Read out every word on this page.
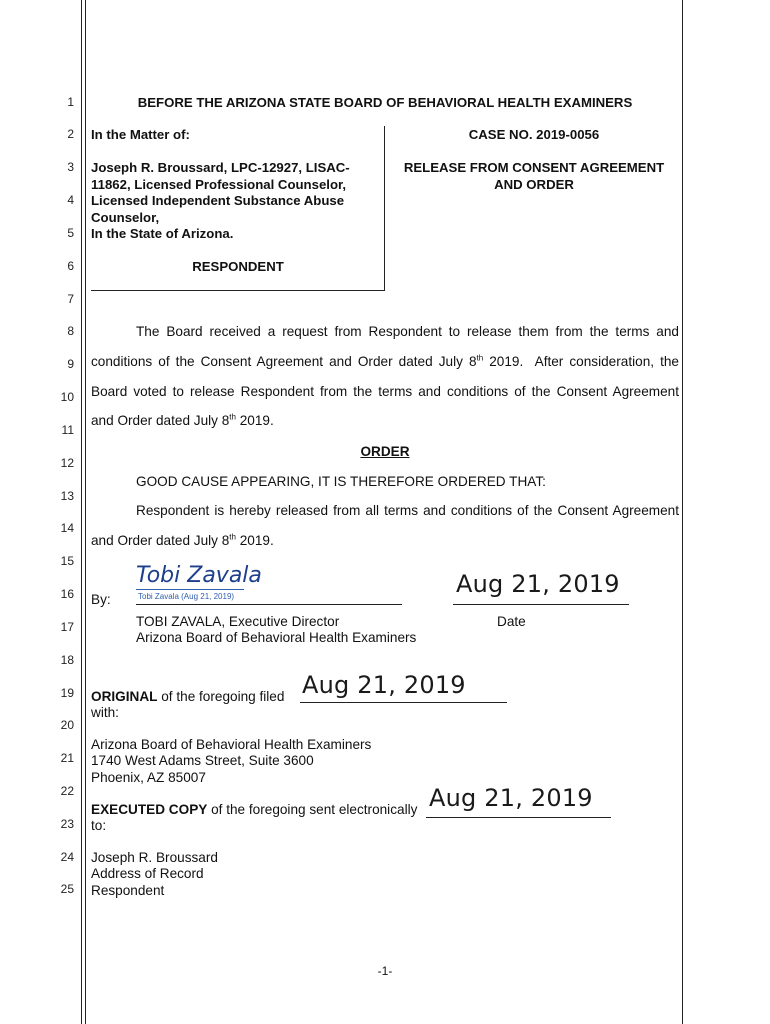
1
2
3
4
5
6
7
8
9
10
11
12
13
14
15
16
17
18
19
20
21
22
23
24
25
BEFORE THE ARIZONA STATE BOARD OF BEHAVIORAL HEALTH EXAMINERS
In the Matter of:
Joseph R. Broussard, LPC-12927, LISAC-
11862, Licensed Professional Counselor,
Licensed Independent Substance Abuse
Counselor,
In the State of Arizona.
RESPONDENT
CASE NO. 2019-0056
RELEASE FROM CONSENT AGREEMENT
AND ORDER
The Board received a request from Respondent to release them from the terms and
conditions of the Consent Agreement and Order dated July 8th 2019.  After consideration, the
Board voted to release Respondent from the terms and conditions of the Consent Agreement
and Order dated July 8th 2019.
ORDER
GOOD CAUSE APPEARING, IT IS THEREFORE ORDERED THAT:
Respondent is hereby released from all terms and conditions of the Consent Agreement
and Order dated July 8th 2019.
By:
Tobi Zavala
Tobi Zavala (Aug 21, 2019)	Aug 21, 2019
TOBI ZAVALA, Executive Director
Arizona Board of Behavioral Health Examiners
Date
ORIGINAL of the foregoing filed
with:
Aug 21, 2019
Arizona Board of Behavioral Health Examiners
1740 West Adams Street, Suite 3600
Phoenix, AZ 85007
EXECUTED COPY of the foregoing sent electronically
to:
Aug 21, 2019
Joseph R. Broussard
Address of Record
Respondent
-1-
